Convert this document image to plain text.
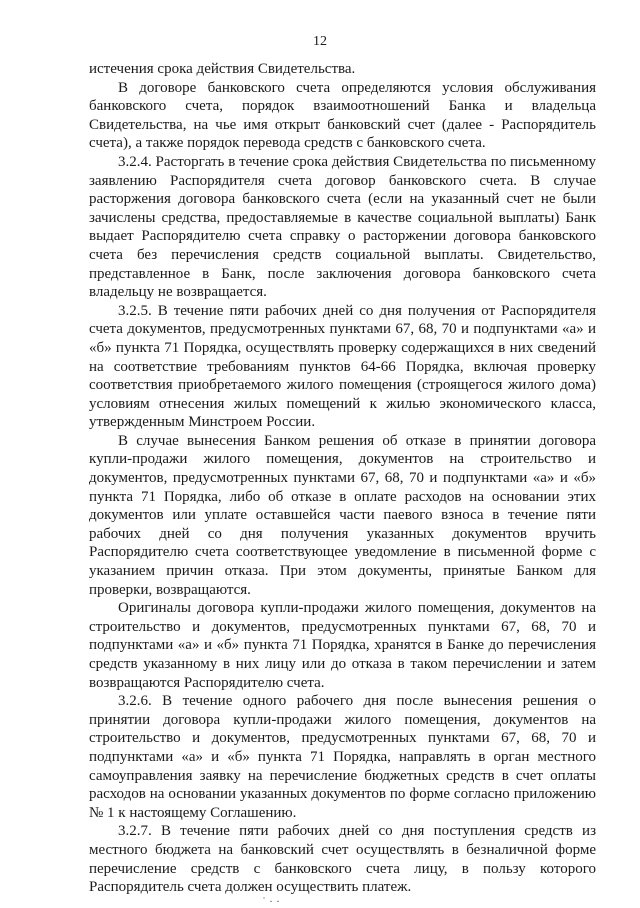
12

истечения срока действия Свидетельства.

В договоре банковского счета определяются условия обслуживания банковского счета, порядок взаимоотношений Банка и владельца Свидетельства, на чье имя открыт банковский счет (далее - Распорядитель счета), а также порядок перевода средств с банковского счета.

3.2.4. Расторгать в течение срока действия Свидетельства по письменному заявлению Распорядителя счета договор банковского счета. В случае расторжения договора банковского счета (если на указанный счет не были зачислены средства, предоставляемые в качестве социальной выплаты) Банк выдает Распорядителю счета справку о расторжении договора банковского счета без перечисления средств социальной выплаты. Свидетельство, представленное в Банк, после заключения договора банковского счета владельцу не возвращается.

3.2.5. В течение пяти рабочих дней со дня получения от Распорядителя счета документов, предусмотренных пунктами 67, 68, 70 и подпунктами «а» и «б» пункта 71 Порядка, осуществлять проверку содержащихся в них сведений на соответствие требованиям пунктов 64-66 Порядка, включая проверку соответствия приобретаемого жилого помещения (строящегося жилого дома) условиям отнесения жилых помещений к жилью экономического класса, утвержденным Минстроем России.

В случае вынесения Банком решения об отказе в принятии договора купли-продажи жилого помещения, документов на строительство и документов, предусмотренных пунктами 67, 68, 70 и подпунктами «а» и «б» пункта 71 Порядка, либо об отказе в оплате расходов на основании этих документов или уплате оставшейся части паевого взноса в течение пяти рабочих дней со дня получения указанных документов вручить Распорядителю счета соответствующее уведомление в письменной форме с указанием причин отказа. При этом документы, принятые Банком для проверки, возвращаются.

Оригиналы договора купли-продажи жилого помещения, документов на строительство и документов, предусмотренных пунктами 67, 68, 70 и подпунктами «а» и «б» пункта 71 Порядка, хранятся в Банке до перечисления средств указанному в них лицу или до отказа в таком перечислении и затем возвращаются Распорядителю счета.

3.2.6. В течение одного рабочего дня после вынесения решения о принятии договора купли-продажи жилого помещения, документов на строительство и документов, предусмотренных пунктами 67, 68, 70 и подпунктами «а» и «б» пункта 71 Порядка, направлять в орган местного самоуправления заявку на перечисление бюджетных средств в счет оплаты расходов на основании указанных документов по форме согласно приложению № 1 к настоящему Соглашению.

3.2.7. В течение пяти рабочих дней со дня поступления средств из местного бюджета на банковский счет осуществлять в безналичной форме перечисление средств с банковского счета лицу, в пользу которого Распорядитель счета должен осуществить платеж.

˙ · ·
